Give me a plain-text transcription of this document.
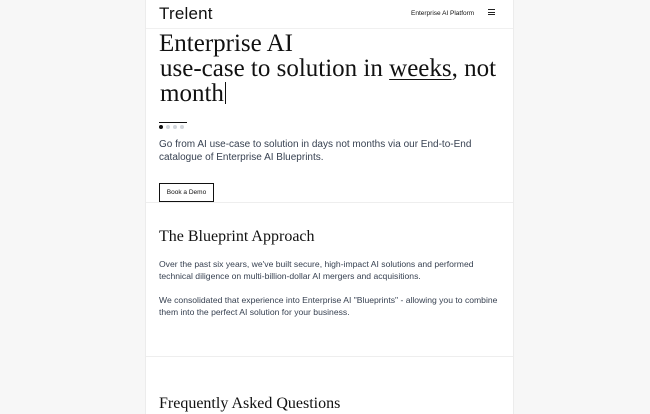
Trelent	Enterprise AI Platform
Enterprise AI
use-case to solution in weeks, not
month

Go from AI use-case to solution in days not months via our End-to-End catalogue of Enterprise AI Blueprints.

Book a Demo
The Blueprint Approach

Over the past six years, we've built secure, high-impact AI solutions and performed technical diligence on multi-billion-dollar AI mergers and acquisitions.

We consolidated that experience into Enterprise AI "Blueprints" - allowing you to combine them into the perfect AI solution for your business.

Frequently Asked Questions
